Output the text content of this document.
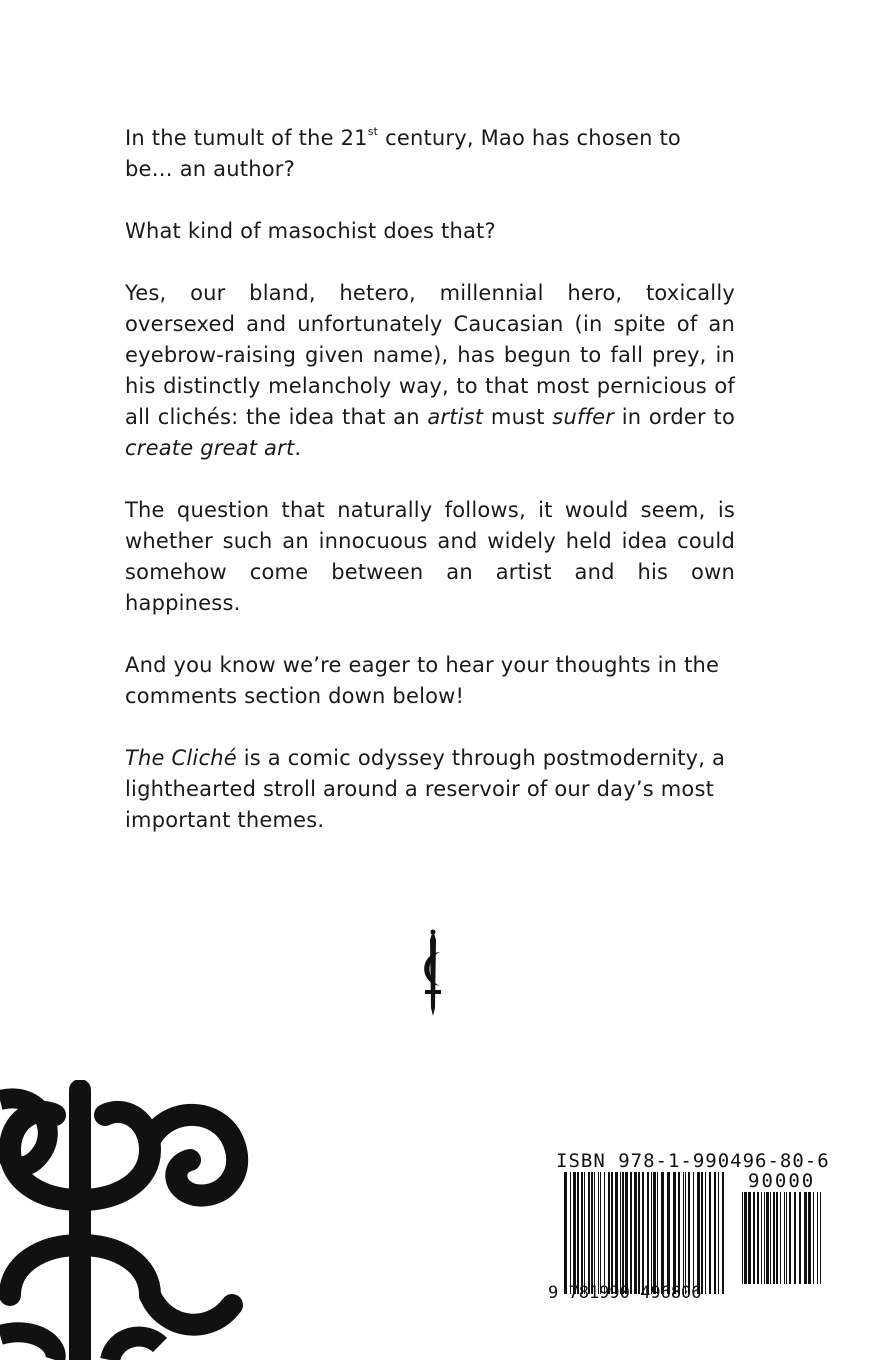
In the tumult of the 21st century, Mao has chosen to be… an author?

What kind of masochist does that?

Yes, our bland, hetero, millennial hero, toxically oversexed and unfortunately Caucasian (in spite of an eyebrow-raising given name), has begun to fall prey, in his distinctly melancholy way, to that most pernicious of all clichés: the idea that an artist must suffer in order to create great art.

The question that naturally follows, it would seem, is whether such an innocuous and widely held idea could somehow come between an artist and his own happiness.

And you know we’re eager to hear your thoughts in the comments section down below!

The Cliché is a comic odyssey through postmodernity, a lighthearted stroll around a reservoir of our day’s most important themes.

ISBN 978-1-990496-80-6
90000
9 781990 496806
